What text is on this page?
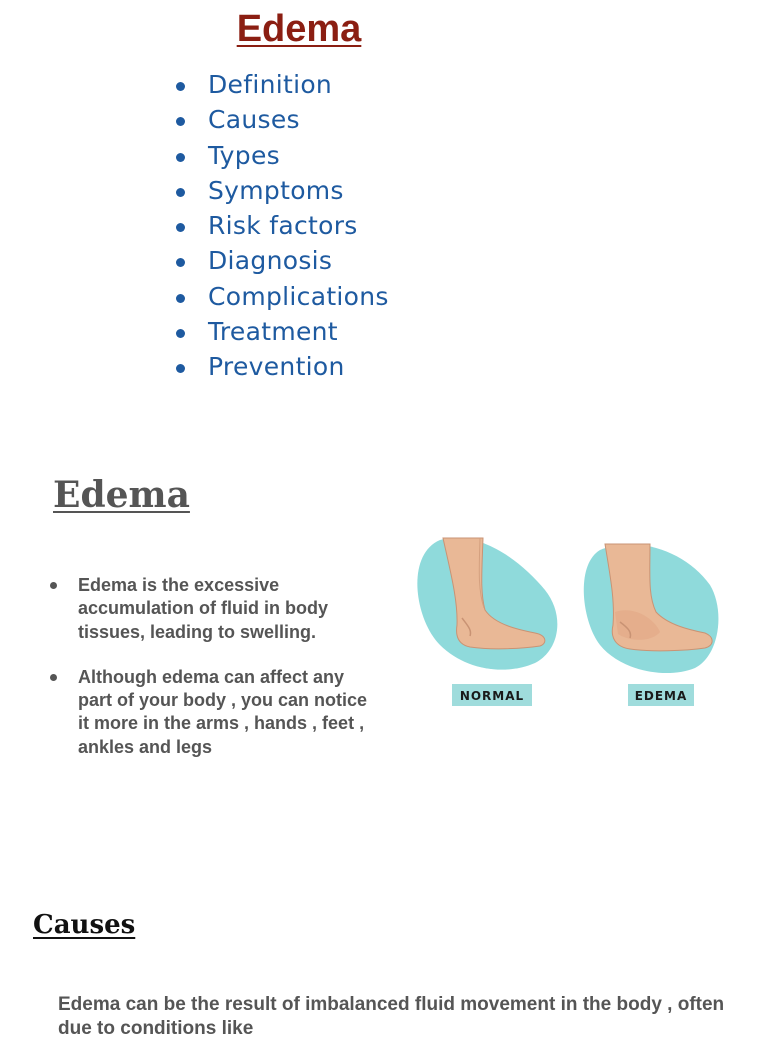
Edema
Definition
Causes
Types
Symptoms
Risk factors
Diagnosis
Complications
Treatment
Prevention
Edema
Edema is the excessive accumulation of fluid in body tissues, leading to swelling.
Although edema can affect any part of your body , you can notice it more in the arms , hands , feet , ankles and legs
NORMAL	EDEMA
Causes
Edema can be the result of imbalanced fluid movement in the body , often due to conditions like
